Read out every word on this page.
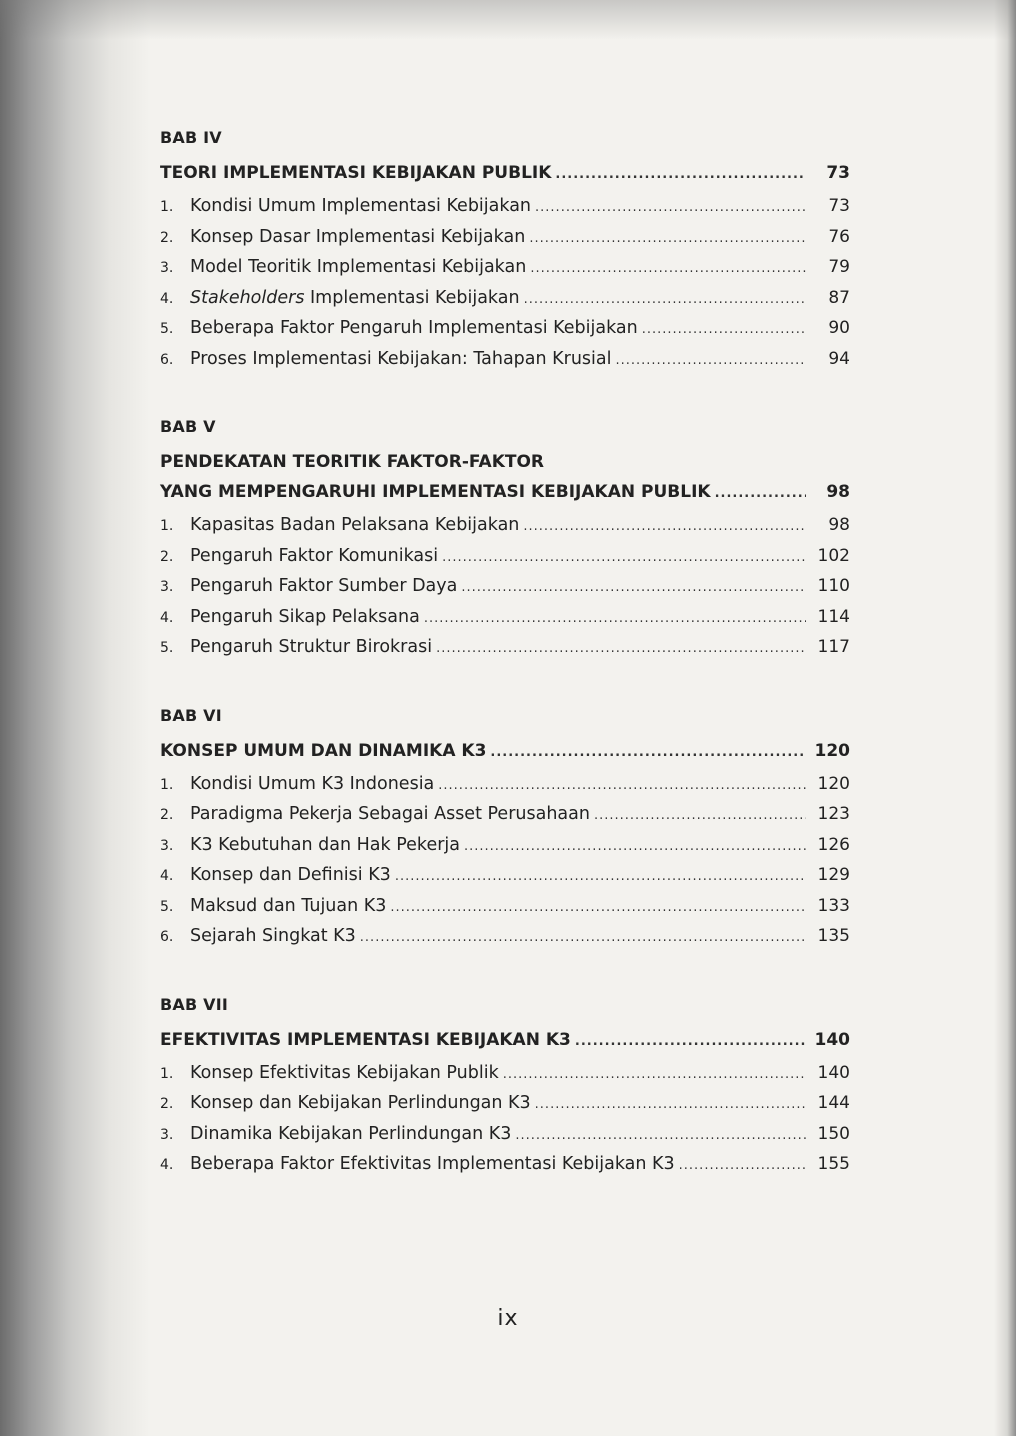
BAB IV
TEORI IMPLEMENTASI KEBIJAKAN PUBLIK .....	73
1. Kondisi Umum Implementasi Kebijakan .....	73
2. Konsep Dasar Implementasi Kebijakan .....	76
3. Model Teoritik Implementasi Kebijakan .....	79
4. Stakeholders Implementasi Kebijakan .....	87
5. Beberapa Faktor Pengaruh Implementasi Kebijakan .....	90
6. Proses Implementasi Kebijakan: Tahapan Krusial .....	94
BAB V
PENDEKATAN TEORITIK FAKTOR-FAKTOR
YANG MEMPENGARUHI IMPLEMENTASI KEBIJAKAN PUBLIK .....	98
1. Kapasitas Badan Pelaksana Kebijakan .....	98
2. Pengaruh Faktor Komunikasi .....	102
3. Pengaruh Faktor Sumber Daya .....	110
4. Pengaruh Sikap Pelaksana .....	114
5. Pengaruh Struktur Birokrasi .....	117
BAB VI
KONSEP UMUM DAN DINAMIKA K3 .....	120
1. Kondisi Umum K3 Indonesia .....	120
2. Paradigma Pekerja Sebagai Asset Perusahaan .....	123
3. K3 Kebutuhan dan Hak Pekerja .....	126
4. Konsep dan Definisi K3 .....	129
5. Maksud dan Tujuan K3 .....	133
6. Sejarah Singkat K3 .....	135
BAB VII
EFEKTIVITAS IMPLEMENTASI KEBIJAKAN K3 .....	140
1. Konsep Efektivitas Kebijakan Publik .....	140
2. Konsep dan Kebijakan Perlindungan K3 .....	144
3. Dinamika Kebijakan Perlindungan K3 .....	150
4. Beberapa Faktor Efektivitas Implementasi Kebijakan K3 .....	155
ix
